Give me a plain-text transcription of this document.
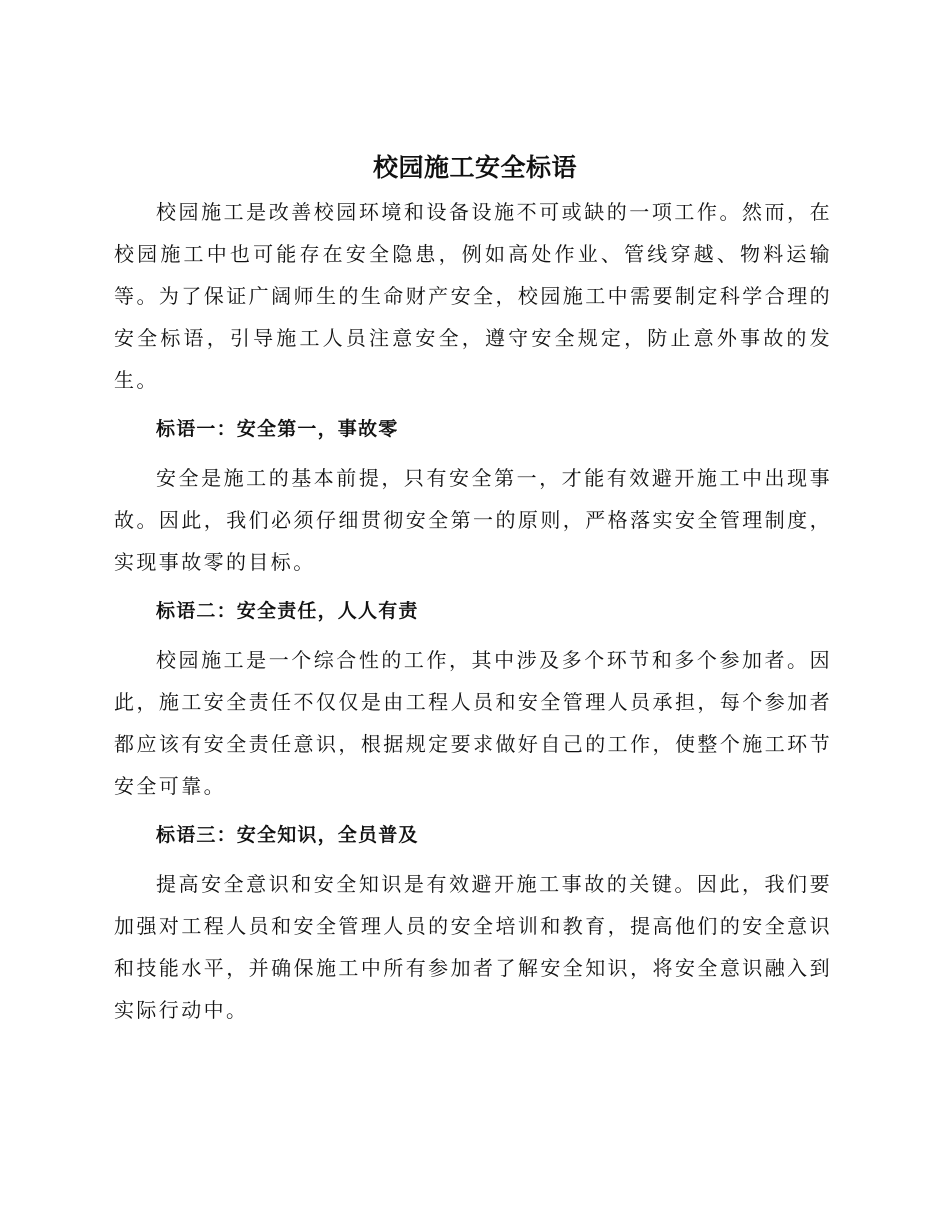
校园施工安全标语

校园施工是改善校园环境和设备设施不可或缺的一项工作。然而，在校园施工中也可能存在安全隐患，例如高处作业、管线穿越、物料运输等。为了保证广阔师生的生命财产安全，校园施工中需要制定科学合理的安全标语，引导施工人员注意安全，遵守安全规定，防止意外事故的发生。

标语一：安全第一，事故零

安全是施工的基本前提，只有安全第一，才能有效避开施工中出现事故。因此，我们必须仔细贯彻安全第一的原则，严格落实安全管理制度，实现事故零的目标。

标语二：安全责任，人人有责

校园施工是一个综合性的工作，其中涉及多个环节和多个参加者。因此，施工安全责任不仅仅是由工程人员和安全管理人员承担，每个参加者都应该有安全责任意识，根据规定要求做好自己的工作，使整个施工环节安全可靠。

标语三：安全知识，全员普及

提高安全意识和安全知识是有效避开施工事故的关键。因此，我们要加强对工程人员和安全管理人员的安全培训和教育，提高他们的安全意识和技能水平，并确保施工中所有参加者了解安全知识，将安全意识融入到实际行动中。
